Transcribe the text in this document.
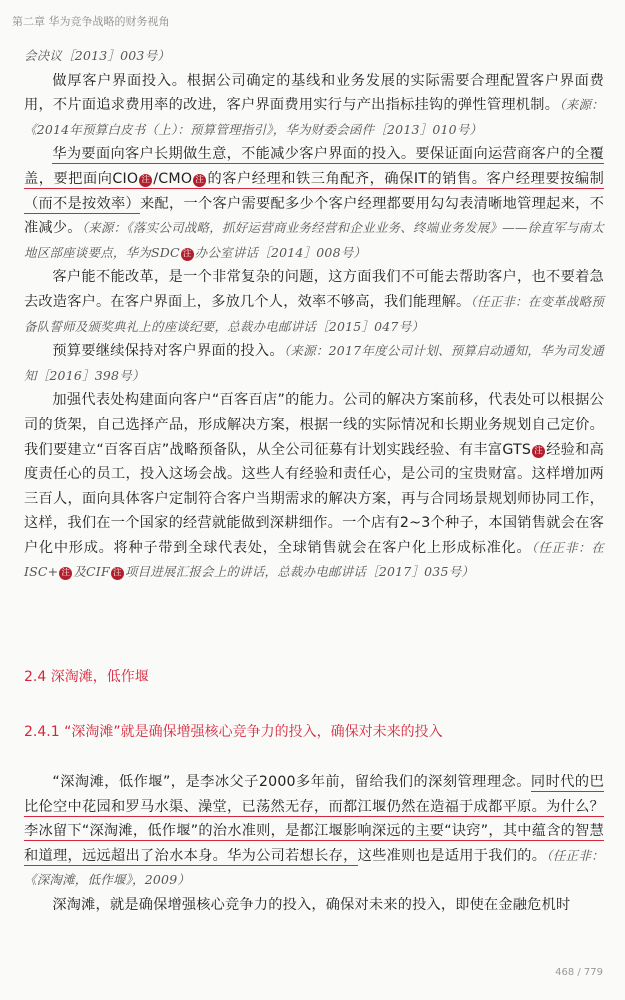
第二章 华为竞争战略的财务视角

会决议［2013］003号）

做厚客户界面投入。根据公司确定的基线和业务发展的实际需要合理配置客户界面费用，不片面追求费用率的改进，客户界面费用实行与产出指标挂钩的弹性管理机制。（来源：《2014年预算白皮书（上）：预算管理指引》，华为财委会函件［2013］010号）

华为要面向客户长期做生意，不能减少客户界面的投入。要保证面向运营商客户的全覆盖，要把面向CIO 注 /CMO 注 的客户经理和铁三角配齐，确保IT的销售。客户经理要按编制（而不是按效率）来配，一个客户需要配多少个客户经理都要用勾勾表清晰地管理起来，不准减少。（来源：《落实公司战略，抓好运营商业务经营和企业业务、终端业务发展》——徐直军与南太地区部座谈要点，华为SDC 注 办公室讲话［2014］008号）

客户能不能改革，是一个非常复杂的问题，这方面我们不可能去帮助客户，也不要着急去改造客户。在客户界面上，多放几个人，效率不够高，我们能理解。（任正非：在变革战略预备队誓师及颁奖典礼上的座谈纪要，总裁办电邮讲话［2015］047号）

预算要继续保持对客户界面的投入。（来源：2017年度公司计划、预算启动通知，华为司发通知［2016］398号）

加强代表处构建面向客户“百客百店”的能力。公司的解决方案前移，代表处可以根据公司的货架，自己选择产品，形成解决方案，根据一线的实际情况和长期业务规划自己定价。我们要建立“百客百店”战略预备队，从全公司征募有计划实践经验、有丰富GTS 注 经验和高度责任心的员工，投入这场会战。这些人有经验和责任心，是公司的宝贵财富。这样增加两三百人，面向具体客户定制符合客户当期需求的解决方案，再与合同场景规划师协同工作，这样，我们在一个国家的经营就能做到深耕细作。一个店有2~3个种子，本国销售就会在客户化中形成。将种子带到全球代表处，全球销售就会在客户化上形成标准化。（任正非：在ISC+ 注 及CIF 注 项目进展汇报会上的讲话，总裁办电邮讲话［2017］035号）

2.4 深淘滩，低作堰
2.4.1 “深淘滩”就是确保增强核心竞争力的投入，确保对未来的投入

“深淘滩，低作堰”，是李冰父子2000多年前，留给我们的深刻管理理念。同时代的巴比伦空中花园和罗马水渠、澡堂，已荡然无存，而都江堰仍然在造福于成都平原。为什么？李冰留下“深淘滩，低作堰”的治水准则，是都江堰影响深远的主要“诀窍”，其中蕴含的智慧和道理，远远超出了治水本身。华为公司若想长存，这些准则也是适用于我们的。（任正非：《深淘滩，低作堰》，2009）

深淘滩，就是确保增强核心竞争力的投入，确保对未来的投入，即使在金融危机时

468 / 779
